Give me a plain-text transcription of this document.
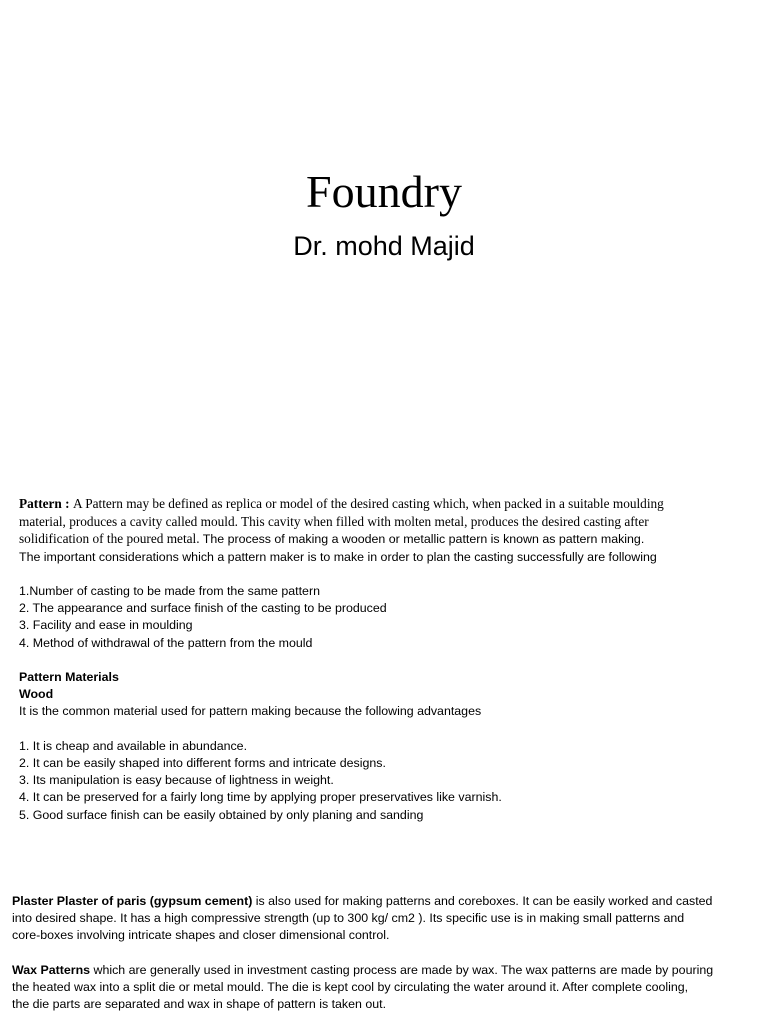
Foundry
Dr. mohd Majid
Pattern : A Pattern may be defined as replica or model of the desired casting which, when packed in a suitable moulding
material, produces a cavity called mould. This cavity when filled with molten metal, produces the desired casting after
solidification of the poured metal. The process of making a wooden or metallic pattern is known as pattern making.
The important considerations which a pattern maker is to make in order to plan the casting successfully are following
1.Number of casting to be made from the same pattern
2. The appearance and surface finish of the casting to be produced
3. Facility and ease in moulding
4. Method of withdrawal of the pattern from the mould
Pattern Materials
Wood
It is the common material used for pattern making because the following advantages
1. It is cheap and available in abundance.
2. It can be easily shaped into different forms and intricate designs.
3. Its manipulation is easy because of lightness in weight.
4. It can be preserved for a fairly long time by applying proper preservatives like varnish.
5. Good surface finish can be easily obtained by only planing and sanding
Plaster Plaster of paris (gypsum cement) is also used for making patterns and coreboxes. It can be easily worked and casted
into desired shape. It has a high compressive strength (up to 300 kg/ cm2 ). Its specific use is in making small patterns and
core-boxes involving intricate shapes and closer dimensional control.
Wax Patterns which are generally used in investment casting process are made by wax. The wax patterns are made by pouring
the heated wax into a split die or metal mould. The die is kept cool by circulating the water around it. After complete cooling,
the die parts are separated and wax in shape of pattern is taken out.
